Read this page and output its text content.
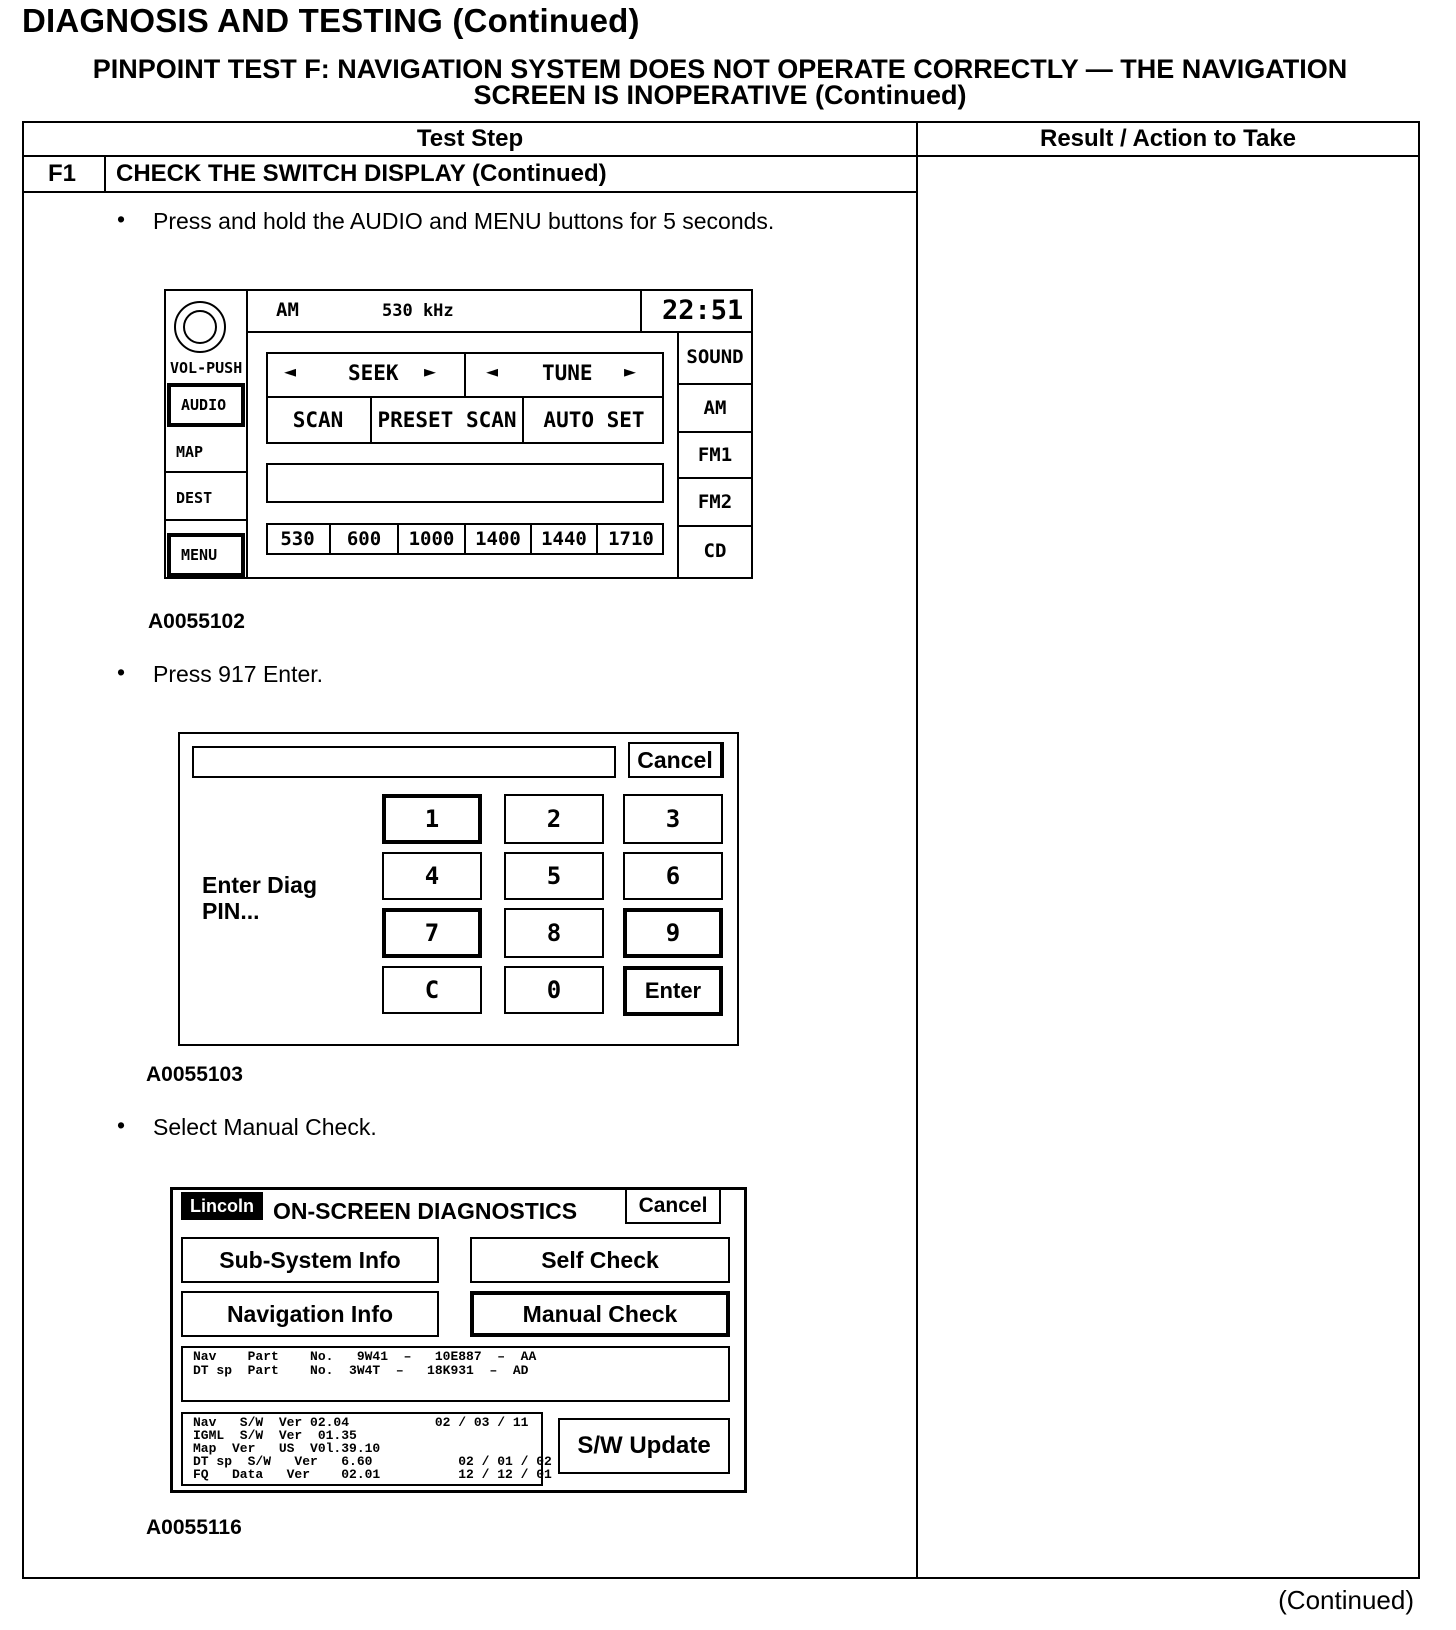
DIAGNOSIS AND TESTING (Continued)
PINPOINT TEST F: NAVIGATION SYSTEM DOES NOT OPERATE CORRECTLY — THE NAVIGATION
SCREEN IS INOPERATIVE (Continued)
Test Step	Result / Action to Take
F1 CHECK THE SWITCH DISPLAY (Continued)
• Press and hold the AUDIO and MENU buttons for 5 seconds.
VOL-PUSH
AUDIO
MAP
DEST
MENU
AM	530 kHz	22:51
SOUND
AM
FM1
FM2
CD
◄ SEEK ► ◄ TUNE ►
SCAN	PRESET SCAN	AUTO SET
530	600	1000	1400	1440	1710
A0055102
• Press 917 Enter.
Cancel
Enter Diag
PIN...
1	2	3
4	5	6
7	8	9
C	0	Enter
A0055103
• Select Manual Check.
Lincoln ON-SCREEN DIAGNOSTICS	Cancel
Sub-System Info	Self Check
Navigation Info	Manual Check
Nav    Part    No.   9W41  –   10E887  –  AA
DT sp  Part    No.  3W4T  –   18K931  –  AD
Nav   S/W  Ver 02.04           02 / 03 / 11
IGML  S/W  Ver  01.35
Map  Ver   US  V0l.39.10
DT sp  S/W   Ver   6.60           02 / 01 / 02
FQ   Data   Ver    02.01          12 / 12 / 01
S/W Update
A0055116
(Continued)
